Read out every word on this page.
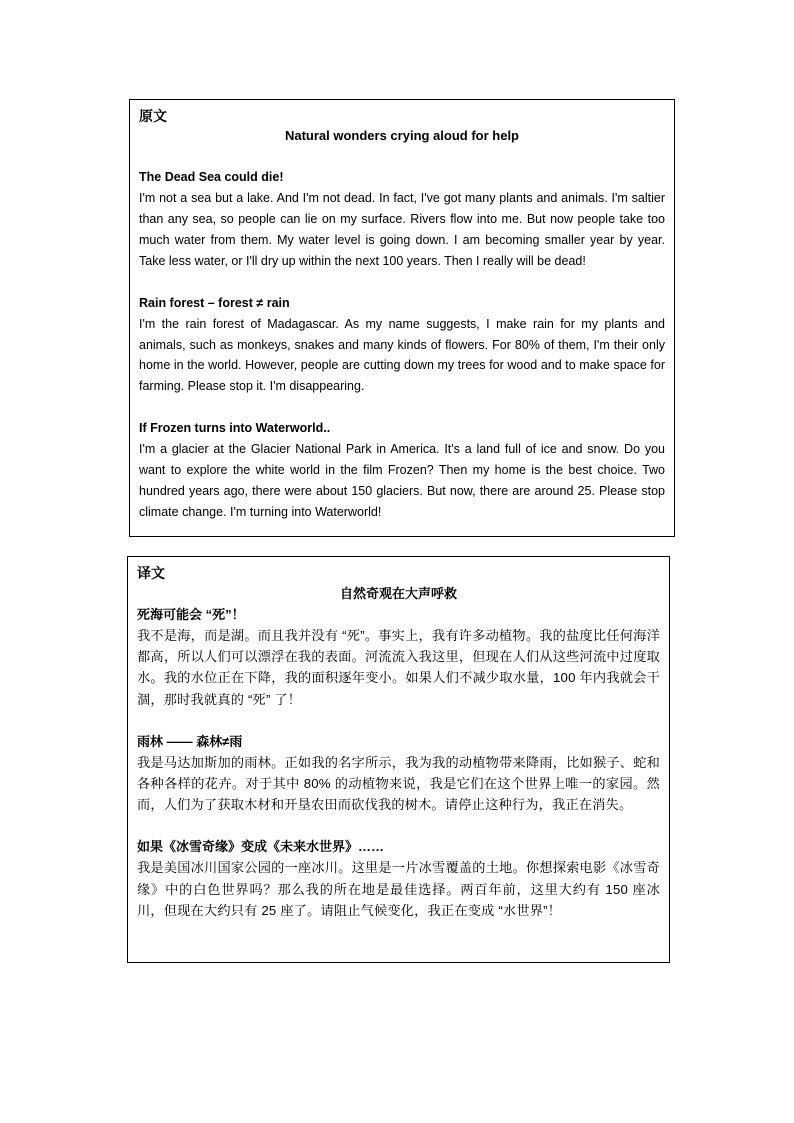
原文

Natural wonders crying aloud for help

The Dead Sea could die!

I'm not a sea but a lake. And I'm not dead. In fact, I've got many plants and animals. I'm saltier than any sea, so people can lie on my surface. Rivers flow into me. But now people take too much water from them. My water level is going down. I am becoming smaller year by year. Take less water, or I'll dry up within the next 100 years. Then I really will be dead!

Rain forest – forest ≠ rain

I'm the rain forest of Madagascar. As my name suggests, I make rain for my plants and animals, such as monkeys, snakes and many kinds of flowers. For 80% of them, I'm their only home in the world. However, people are cutting down my trees for wood and to make space for farming. Please stop it. I'm disappearing.

If Frozen turns into Waterworld..

I'm a glacier at the Glacier National Park in America. It's a land full of ice and snow. Do you want to explore the white world in the film Frozen? Then my home is the best choice. Two hundred years ago, there were about 150 glaciers. But now, there are around 25. Please stop climate change. I'm turning into Waterworld!

译文

自然奇观在大声呼救

死海可能会 “死”！

我不是海，而是湖。而且我并没有 “死”。事实上，我有许多动植物。我的盐度比任何海洋都高，所以人们可以漂浮在我的表面。河流流入我这里，但现在人们从这些河流中过度取水。我的水位正在下降，我的面积逐年变小。如果人们不减少取水量，100 年内我就会干涸，那时我就真的 “死” 了！

雨林 —— 森林≠雨

我是马达加斯加的雨林。正如我的名字所示，我为我的动植物带来降雨，比如猴子、蛇和各种各样的花卉。对于其中 80% 的动植物来说，我是它们在这个世界上唯一的家园。然而，人们为了获取木材和开垦农田而砍伐我的树木。请停止这种行为，我正在消失。

如果《冰雪奇缘》变成《未来水世界》……

我是美国冰川国家公园的一座冰川。这里是一片冰雪覆盖的土地。你想探索电影《冰雪奇缘》中的白色世界吗？那么我的所在地是最佳选择。两百年前，这里大约有 150 座冰川，但现在大约只有 25 座了。请阻止气候变化，我正在变成 “水世界”！
